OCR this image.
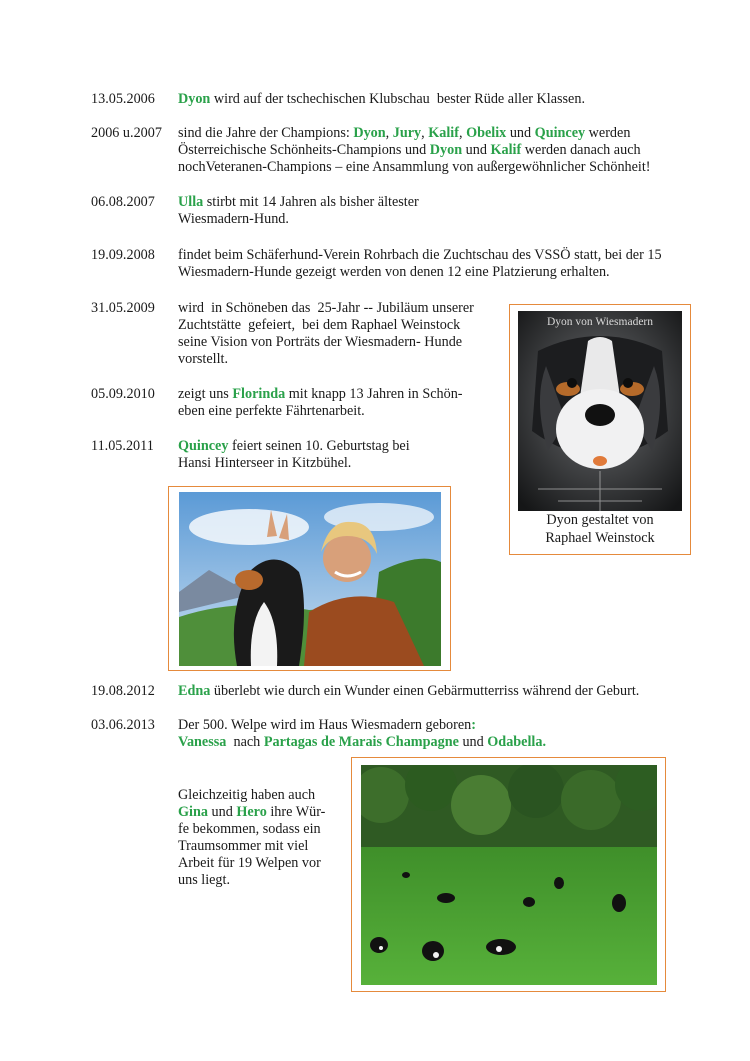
13.05.2006 Dyon wird auf der tschechischen Klubschau  bester Rüde aller Klassen.
2006 u.2007 sind die Jahre der Champions: Dyon, Jury, Kalif, Obelix und Quincey werden
Österreichische Schönheits-Champions und Dyon und Kalif werden danach auch
nochVeteranen-Champions – eine Ansammlung von außergewöhnlicher Schönheit!
06.08.2007 Ulla stirbt mit 14 Jahren als bisher ältester
Wiesmadern-Hund.
19.09.2008 findet beim Schäferhund-Verein Rohrbach die Zuchtschau des VSSÖ statt, bei der 15
Wiesmadern-Hunde gezeigt werden von denen 12 eine Platzierung erhalten.
31.05.2009 wird  in Schöneben das  25-Jahr -- Jubiläum unserer
Zuchtstätte  gefeiert,  bei dem Raphael Weinstock
seine Vision von Porträts der Wiesmadern- Hunde
vorstellt.
05.09.2010 zeigt uns Florinda mit knapp 13 Jahren in Schön-
eben eine perfekte Fährtenarbeit.
11.05.2011 Quincey feiert seinen 10. Geburtstag bei
Hansi Hinterseer in Kitzbühel.
Dyon von Wiesmadern
Dyon gestaltet von
Raphael Weinstock
19.08.2012 Edna überlebt wie durch ein Wunder einen Gebärmutterriss während der Geburt.
03.06.2013 Der 500. Welpe wird im Haus Wiesmadern geboren:
Vanessa  nach Partagas de Marais Champagne und Odabella.
Gleichzeitig haben auch
Gina und Hero ihre Wür-
fe bekommen, sodass ein
Traumsommer mit viel
Arbeit für 19 Welpen vor
uns liegt.
